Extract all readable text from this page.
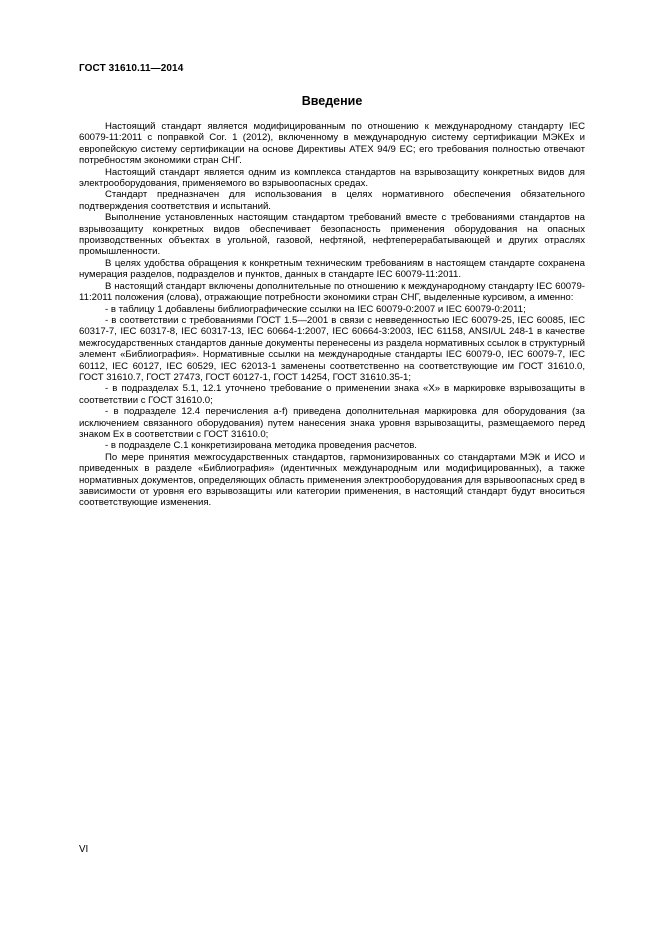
ГОСТ 31610.11—2014
Введение

Настоящий стандарт является модифицированным по отношению к международному стандарту IEC 60079-11:2011 с поправкой Cor. 1 (2012), включенному в международную систему сертификации МЭКЕх и европейскую систему сертификации на основе Директивы АТЕХ 94/9 ЕС; его требования полностью отвечают потребностям экономики стран СНГ.

Настоящий стандарт является одним из комплекса стандартов на взрывозащиту конкретных видов для электрооборудования, применяемого во взрывоопасных средах.

Стандарт предназначен для использования в целях нормативного обеспечения обязательного подтверждения соответствия и испытаний.

Выполнение установленных настоящим стандартом требований вместе с требованиями стандартов на взрывозащиту конкретных видов обеспечивает безопасность применения оборудования на опасных производственных объектах в угольной, газовой, нефтяной, нефтеперерабатывающей и других отраслях промышленности.

В целях удобства обращения к конкретным техническим требованиям в настоящем стандарте сохранена нумерация разделов, подразделов и пунктов, данных в стандарте IEC 60079-11:2011.

В настоящий стандарт включены дополнительные по отношению к международному стандарту IEC 60079-11:2011 положения (слова), отражающие потребности экономики стран СНГ, выделенные курсивом, а именно:

- в таблицу 1 добавлены библиографические ссылки на IEC 60079-0:2007 и IEC 60079-0:2011;

- в соответствии с требованиями ГОСТ 1.5—2001 в связи с невведенностью IEC 60079-25, IEC 60085, IEC 60317-7, IEC 60317-8, IEC 60317-13, IEC 60664-1:2007, IEC 60664-3:2003, IEC 61158, ANSI/UL 248-1 в качестве межгосударственных стандартов данные документы перенесены из раздела нормативных ссылок в структурный элемент «Библиография». Нормативные ссылки на международные стандарты IEC 60079-0, IEC 60079-7, IEC 60112, IEC 60127, IEC 60529, IEC 62013-1 заменены соответственно на соответствующие им ГОСТ 31610.0, ГОСТ 31610.7, ГОСТ 27473, ГОСТ 60127-1, ГОСТ 14254, ГОСТ 31610.35-1;

- в подразделах 5.1, 12.1 уточнено требование о применении знака «X» в маркировке взрывозащиты в соответствии с ГОСТ 31610.0;

- в подразделе 12.4 перечисления a-f) приведена дополнительная маркировка для оборудования (за исключением связанного оборудования) путем нанесения знака уровня взрывозащиты, размещаемого перед знаком Ex в соответствии с ГОСТ 31610.0;

- в подразделе С.1 конкретизирована методика проведения расчетов.

По мере принятия межгосударственных стандартов, гармонизированных со стандартами МЭК и ИСО и приведенных в разделе «Библиография» (идентичных международным или модифицированных), а также нормативных документов, определяющих область применения электрооборудования для взрывоопасных сред в зависимости от уровня его взрывозащиты или категории применения, в настоящий стандарт будут вноситься соответствующие изменения.

VI
